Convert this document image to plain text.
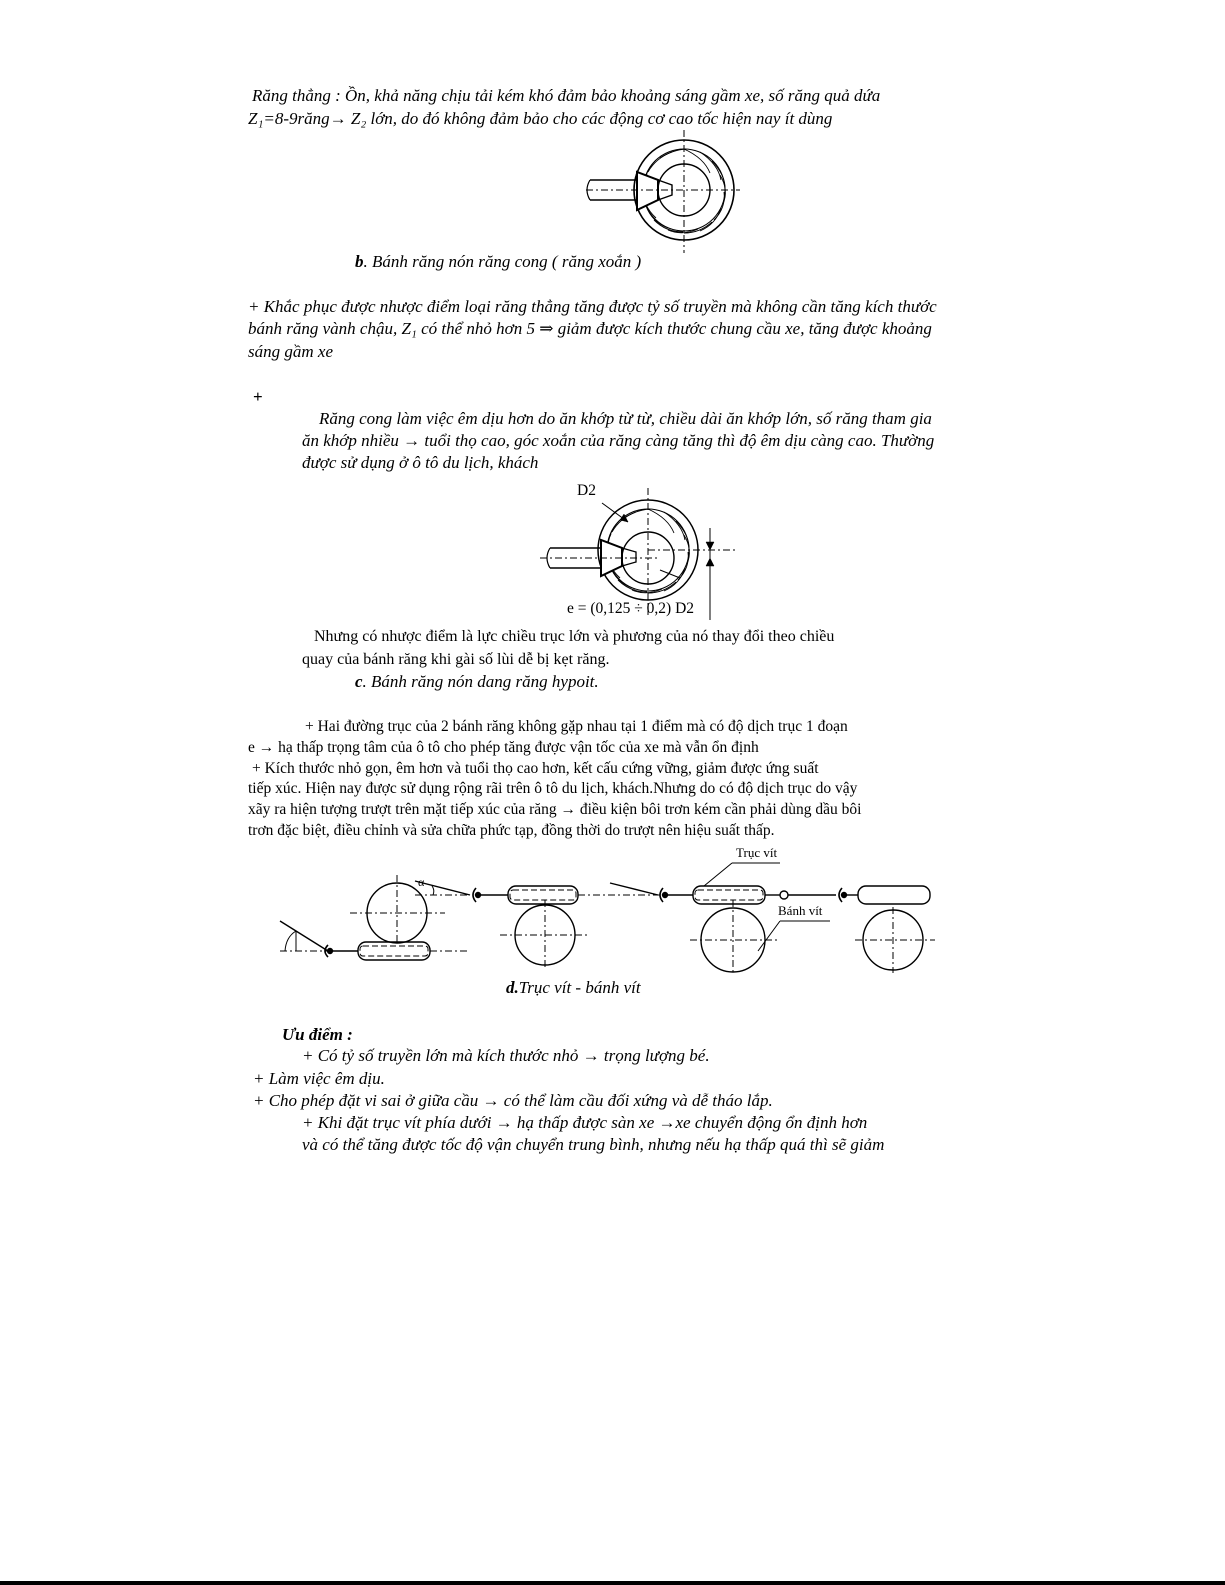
Răng thẳng : Ồn, khả năng chịu tải kém khó đảm bảo khoảng sáng gầm xe, số răng quả dứa
Z₁=8-9răng→ Z₂ lớn, do đó không đảm bảo cho các động cơ cao tốc hiện nay ít dùng
b. Bánh răng nón răng cong ( răng xoắn )
+ Khắc phục được nhược điểm loại răng thẳng tăng được tỷ số truyền mà không cần tăng kích thước
bánh răng vành chậu, Z₁ có thể nhỏ hơn 5 ⇒ giảm được kích thước chung cầu xe, tăng được khoảng
sáng gầm xe
+
Răng cong làm việc êm dịu hơn do ăn khớp từ từ, chiều dài ăn khớp lớn, số răng tham gia
ăn khớp nhiều → tuổi thọ cao, góc xoắn của răng càng tăng thì độ êm dịu càng cao. Thường
được sử dụng ở ô tô du lịch, khách
D2
e = (0,125 ÷ 0,2) D2
Nhưng có nhược điểm là lực chiều trục lớn và phương của nó thay đổi theo chiều
quay của bánh răng khi gài số lùi dễ bị kẹt răng.
c. Bánh răng nón dang răng hypoit.
+ Hai đường trục của 2 bánh răng không gặp nhau tại 1 điểm mà có độ dịch trục 1 đoạn
e → hạ thấp trọng tâm của ô tô cho phép tăng được vận tốc của xe mà vẫn ổn định
+ Kích thước nhỏ gọn, êm hơn và tuổi thọ cao hơn, kết cấu cứng vững, giảm được ứng suất
tiếp xúc. Hiện nay được sử dụng rộng rãi trên ô tô du lịch, khách.Nhưng do có độ dịch trục do vậy
xãy ra hiện tượng trượt trên mặt tiếp xúc của răng → điều kiện bôi trơn kém cần phải dùng dầu bôi
trơn đặc biệt, điều chỉnh và sửa chữa phức tạp, đồng thời do trượt nên hiệu suất thấp.
Trục vít
Bánh vít
α
d.Trục vít - bánh vít
Ưu điểm :
+ Có tỷ số truyền lớn mà kích thước nhỏ → trọng lượng bé.
+ Làm việc êm dịu.
+ Cho phép đặt vi sai ở giữa cầu → có thể làm cầu đối xứng và dễ tháo lắp.
+ Khi đặt trục vít phía dưới → hạ thấp được sàn xe →xe chuyển động ổn định hơn
và có thể tăng được tốc độ vận chuyển trung bình, nhưng nếu hạ thấp quá thì sẽ giảm
